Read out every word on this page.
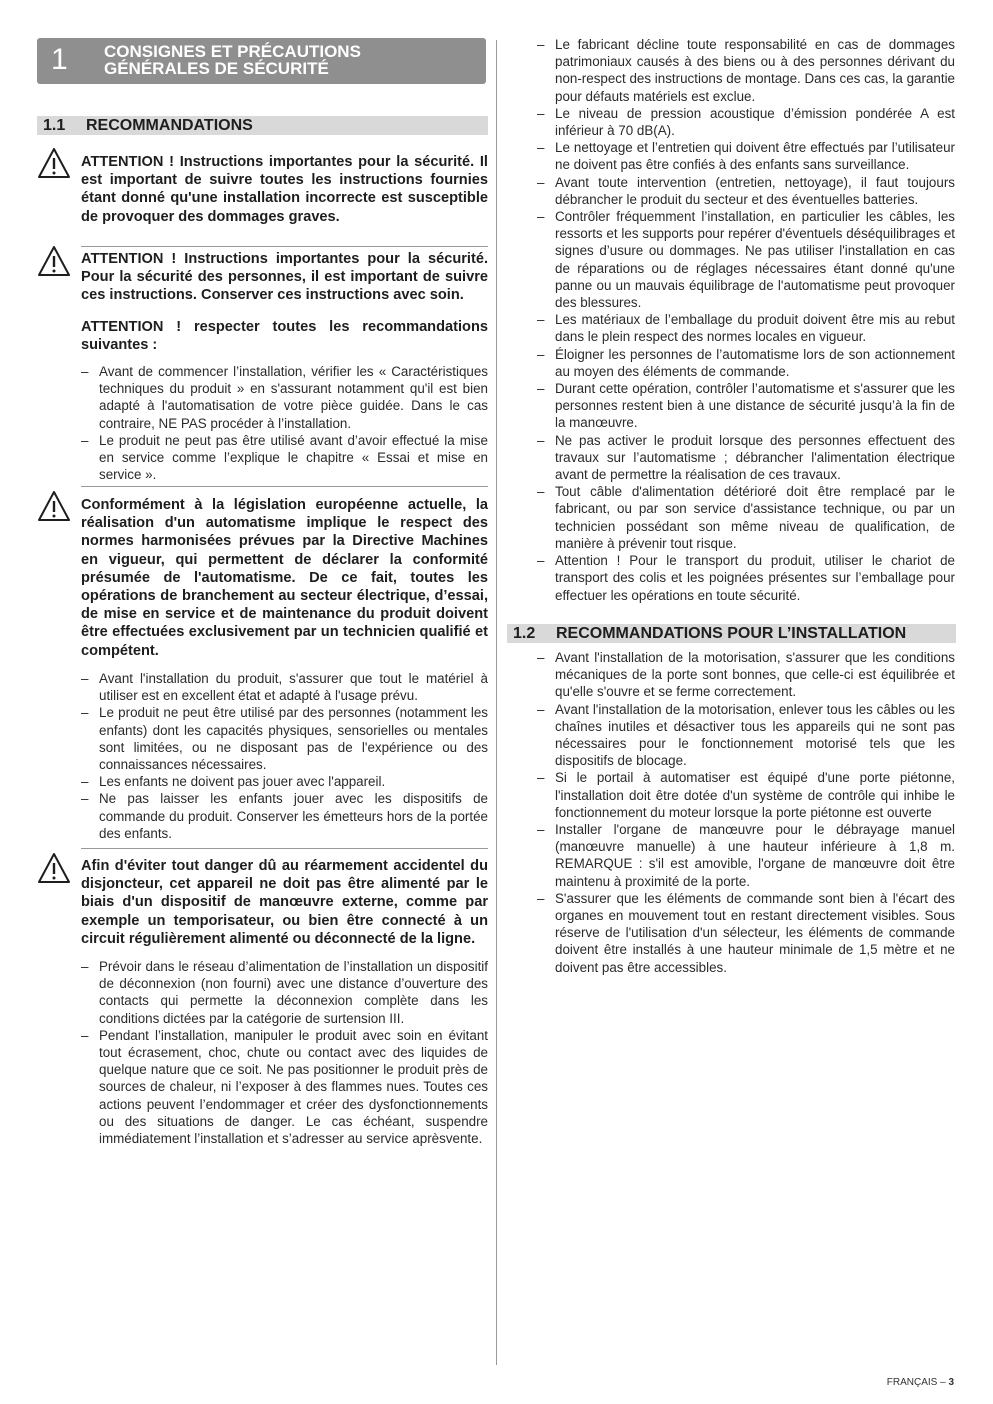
1 CONSIGNES ET PRÉCAUTIONS
GÉNÉRALES DE SÉCURITÉ
1.1 RECOMMANDATIONS
ATTENTION ! Instructions importantes pour la sécurité. Il est important de suivre toutes les instructions fournies étant donné qu'une installation incorrecte est susceptible de provoquer des dommages graves.
ATTENTION ! Instructions importantes pour la sécurité. Pour la sécurité des personnes, il est important de suivre ces instructions. Conserver ces instructions avec soin.
ATTENTION ! respecter toutes les recommandations suivantes :
– Avant de commencer l’installation, vérifier les « Caractéristiques techniques du produit » en s'assurant notamment qu'il est bien adapté à l'automatisation de votre pièce guidée. Dans le cas contraire, NE PAS procéder à l’installation.
– Le produit ne peut pas être utilisé avant d’avoir effectué la mise en service comme l’explique le chapitre « Essai et mise en service ».
Conformément à la législation européenne actuelle, la réalisation d'un automatisme implique le respect des normes harmonisées prévues par la Directive Machines en vigueur, qui permettent de déclarer la conformité présumée de l'automatisme. De ce fait, toutes les opérations de branchement au secteur électrique, d’essai, de mise en service et de maintenance du produit doivent être effectuées exclusivement par un technicien qualifié et compétent.
– Avant l'installation du produit, s'assurer que tout le matériel à utiliser est en excellent état et adapté à l'usage prévu.
– Le produit ne peut être utilisé par des personnes (notamment les enfants) dont les capacités physiques, sensorielles ou mentales sont limitées, ou ne disposant pas de l'expérience ou des connaissances nécessaires.
– Les enfants ne doivent pas jouer avec l'appareil.
– Ne pas laisser les enfants jouer avec les dispositifs de commande du produit. Conserver les émetteurs hors de la portée des enfants.
Afin d'éviter tout danger dû au réarmement accidentel du disjoncteur, cet appareil ne doit pas être alimenté par le biais d'un dispositif de manœuvre externe, comme par exemple un temporisateur, ou bien être connecté à un circuit régulièrement alimenté ou déconnecté de la ligne.
– Prévoir dans le réseau d’alimentation de l’installation un dispositif de déconnexion (non fourni) avec une distance d’ouverture des contacts qui permette la déconnexion complète dans les conditions dictées par la catégorie de surtension III.
– Pendant l’installation, manipuler le produit avec soin en évitant tout écrasement, choc, chute ou contact avec des liquides de quelque nature que ce soit. Ne pas positionner le produit près de sources de chaleur, ni l’exposer à des flammes nues. Toutes ces actions peuvent l’endommager et créer des dysfonctionnements ou des situations de danger. Le cas échéant, suspendre immédiatement l’installation et s’adresser au service aprèsvente.
– Le fabricant décline toute responsabilité en cas de dommages patrimoniaux causés à des biens ou à des personnes dérivant du non-respect des instructions de montage. Dans ces cas, la garantie pour défauts matériels est exclue.
– Le niveau de pression acoustique d’émission pondérée A est inférieur à 70 dB(A).
– Le nettoyage et l’entretien qui doivent être effectués par l’utilisateur ne doivent pas être confiés à des enfants sans surveillance.
– Avant toute intervention (entretien, nettoyage), il faut toujours débrancher le produit du secteur et des éventuelles batteries.
– Contrôler fréquemment l’installation, en particulier les câbles, les ressorts et les supports pour repérer d'éventuels déséquilibrages et signes d’usure ou dommages. Ne pas utiliser l'installation en cas de réparations ou de réglages nécessaires étant donné qu'une panne ou un mauvais équilibrage de l'automatisme peut provoquer des blessures.
– Les matériaux de l’emballage du produit doivent être mis au rebut dans le plein respect des normes locales en vigueur.
– Éloigner les personnes de l’automatisme lors de son actionnement au moyen des éléments de commande.
– Durant cette opération, contrôler l’automatisme et s'assurer que les personnes restent bien à une distance de sécurité jusqu’à la fin de la manœuvre.
– Ne pas activer le produit lorsque des personnes effectuent des travaux sur l’automatisme ; débrancher l'alimentation électrique avant de permettre la réalisation de ces travaux.
– Tout câble d'alimentation détérioré doit être remplacé par le fabricant, ou par son service d'assistance technique, ou par un technicien possédant son même niveau de qualification, de manière à prévenir tout risque.
– Attention ! Pour le transport du produit, utiliser le chariot de transport des colis et les poignées présentes sur l’emballage pour effectuer les opérations en toute sécurité.
1.2 RECOMMANDATIONS POUR L’INSTALLATION
– Avant l'installation de la motorisation, s'assurer que les conditions mécaniques de la porte sont bonnes, que celle-ci est équilibrée et qu'elle s'ouvre et se ferme correctement.
– Avant l'installation de la motorisation, enlever tous les câbles ou les chaînes inutiles et désactiver tous les appareils qui ne sont pas nécessaires pour le fonctionnement motorisé tels que les dispositifs de blocage.
– Si le portail à automatiser est équipé d'une porte piétonne, l'installation doit être dotée d'un système de contrôle qui inhibe le fonctionnement du moteur lorsque la porte piétonne est ouverte
– Installer l'organe de manœuvre pour le débrayage manuel (manœuvre manuelle) à une hauteur inférieure à 1,8 m. REMARQUE : s'il est amovible, l'organe de manœuvre doit être maintenu à proximité de la porte.
– S'assurer que les éléments de commande sont bien à l'écart des organes en mouvement tout en restant directement visibles. Sous réserve de l'utilisation d'un sélecteur, les éléments de commande doivent être installés à une hauteur minimale de 1,5 mètre et ne doivent pas être accessibles.
FRANÇAIS – 3
